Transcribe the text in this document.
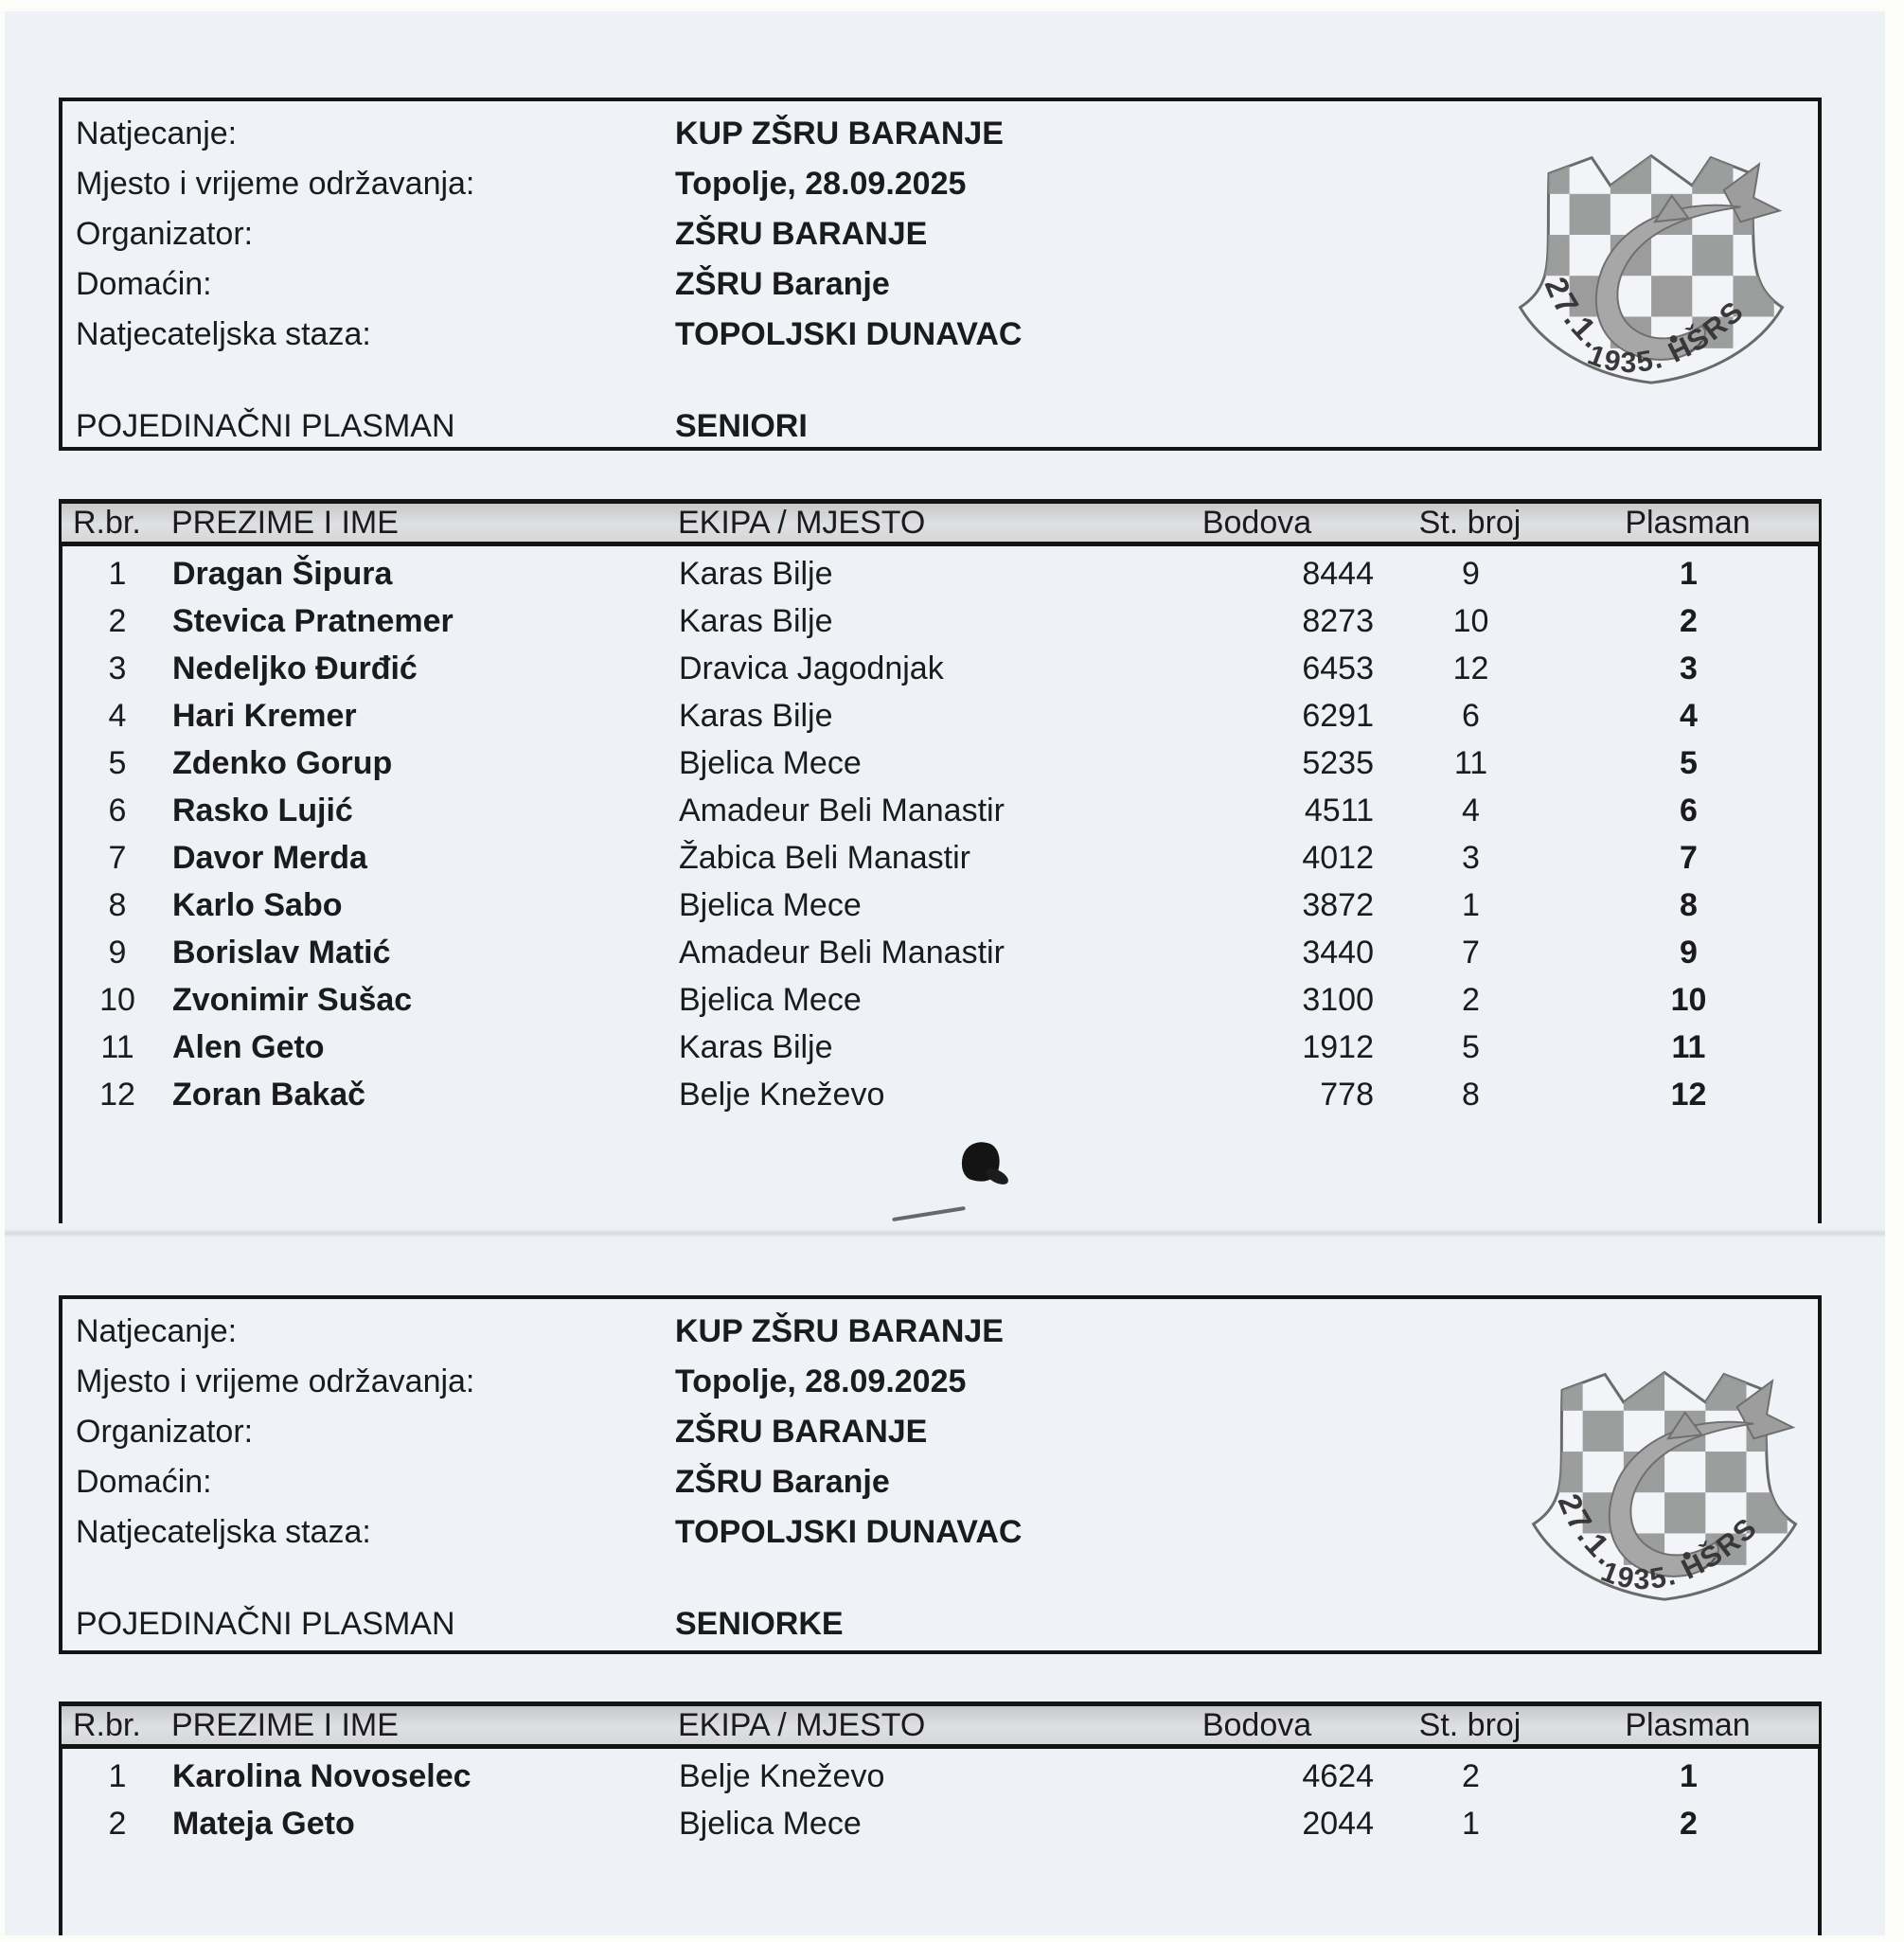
Natjecanje:	KUP ZŠRU BARANJE
Mjesto i vrijeme održavanja:	Topolje, 28.09.2025
Organizator:	ZŠRU BARANJE
Domaćin:	ZŠRU Baranje
Natjecateljska staza:	TOPOLJSKI DUNAVAC
POJEDINAČNI PLASMAN	SENIORI
R.br. PREZIME I IME	EKIPA / MJESTO	Bodova	St. broj	Plasman
1	Dragan Šipura	Karas Bilje	8444	9	1
2	Stevica Pratnemer	Karas Bilje	8273	10	2
3	Nedeljko Đurđić	Dravica Jagodnjak	6453	12	3
4	Hari Kremer	Karas Bilje	6291	6	4
5	Zdenko Gorup	Bjelica Mece	5235	11	5
6	Rasko Lujić	Amadeur Beli Manastir	4511	4	6
7	Davor Merda	Žabica Beli Manastir	4012	3	7
8	Karlo Sabo	Bjelica Mece	3872	1	8
9	Borislav Matić	Amadeur Beli Manastir	3440	7	9
10	Zvonimir Sušac	Bjelica Mece	3100	2	10
11	Alen Geto	Karas Bilje	1912	5	11
12	Zoran Bakač	Belje Kneževo	778	8	12
Natjecanje:	KUP ZŠRU BARANJE
Mjesto i vrijeme održavanja:	Topolje, 28.09.2025
Organizator:	ZŠRU BARANJE
Domaćin:	ZŠRU Baranje
Natjecateljska staza:	TOPOLJSKI DUNAVAC
POJEDINAČNI PLASMAN	SENIORKE
R.br. PREZIME I IME	EKIPA / MJESTO	Bodova	St. broj	Plasman
1	Karolina Novoselec	Belje Kneževo	4624	2	1
2	Mateja Geto	Bjelica Mece	2044	1	2
